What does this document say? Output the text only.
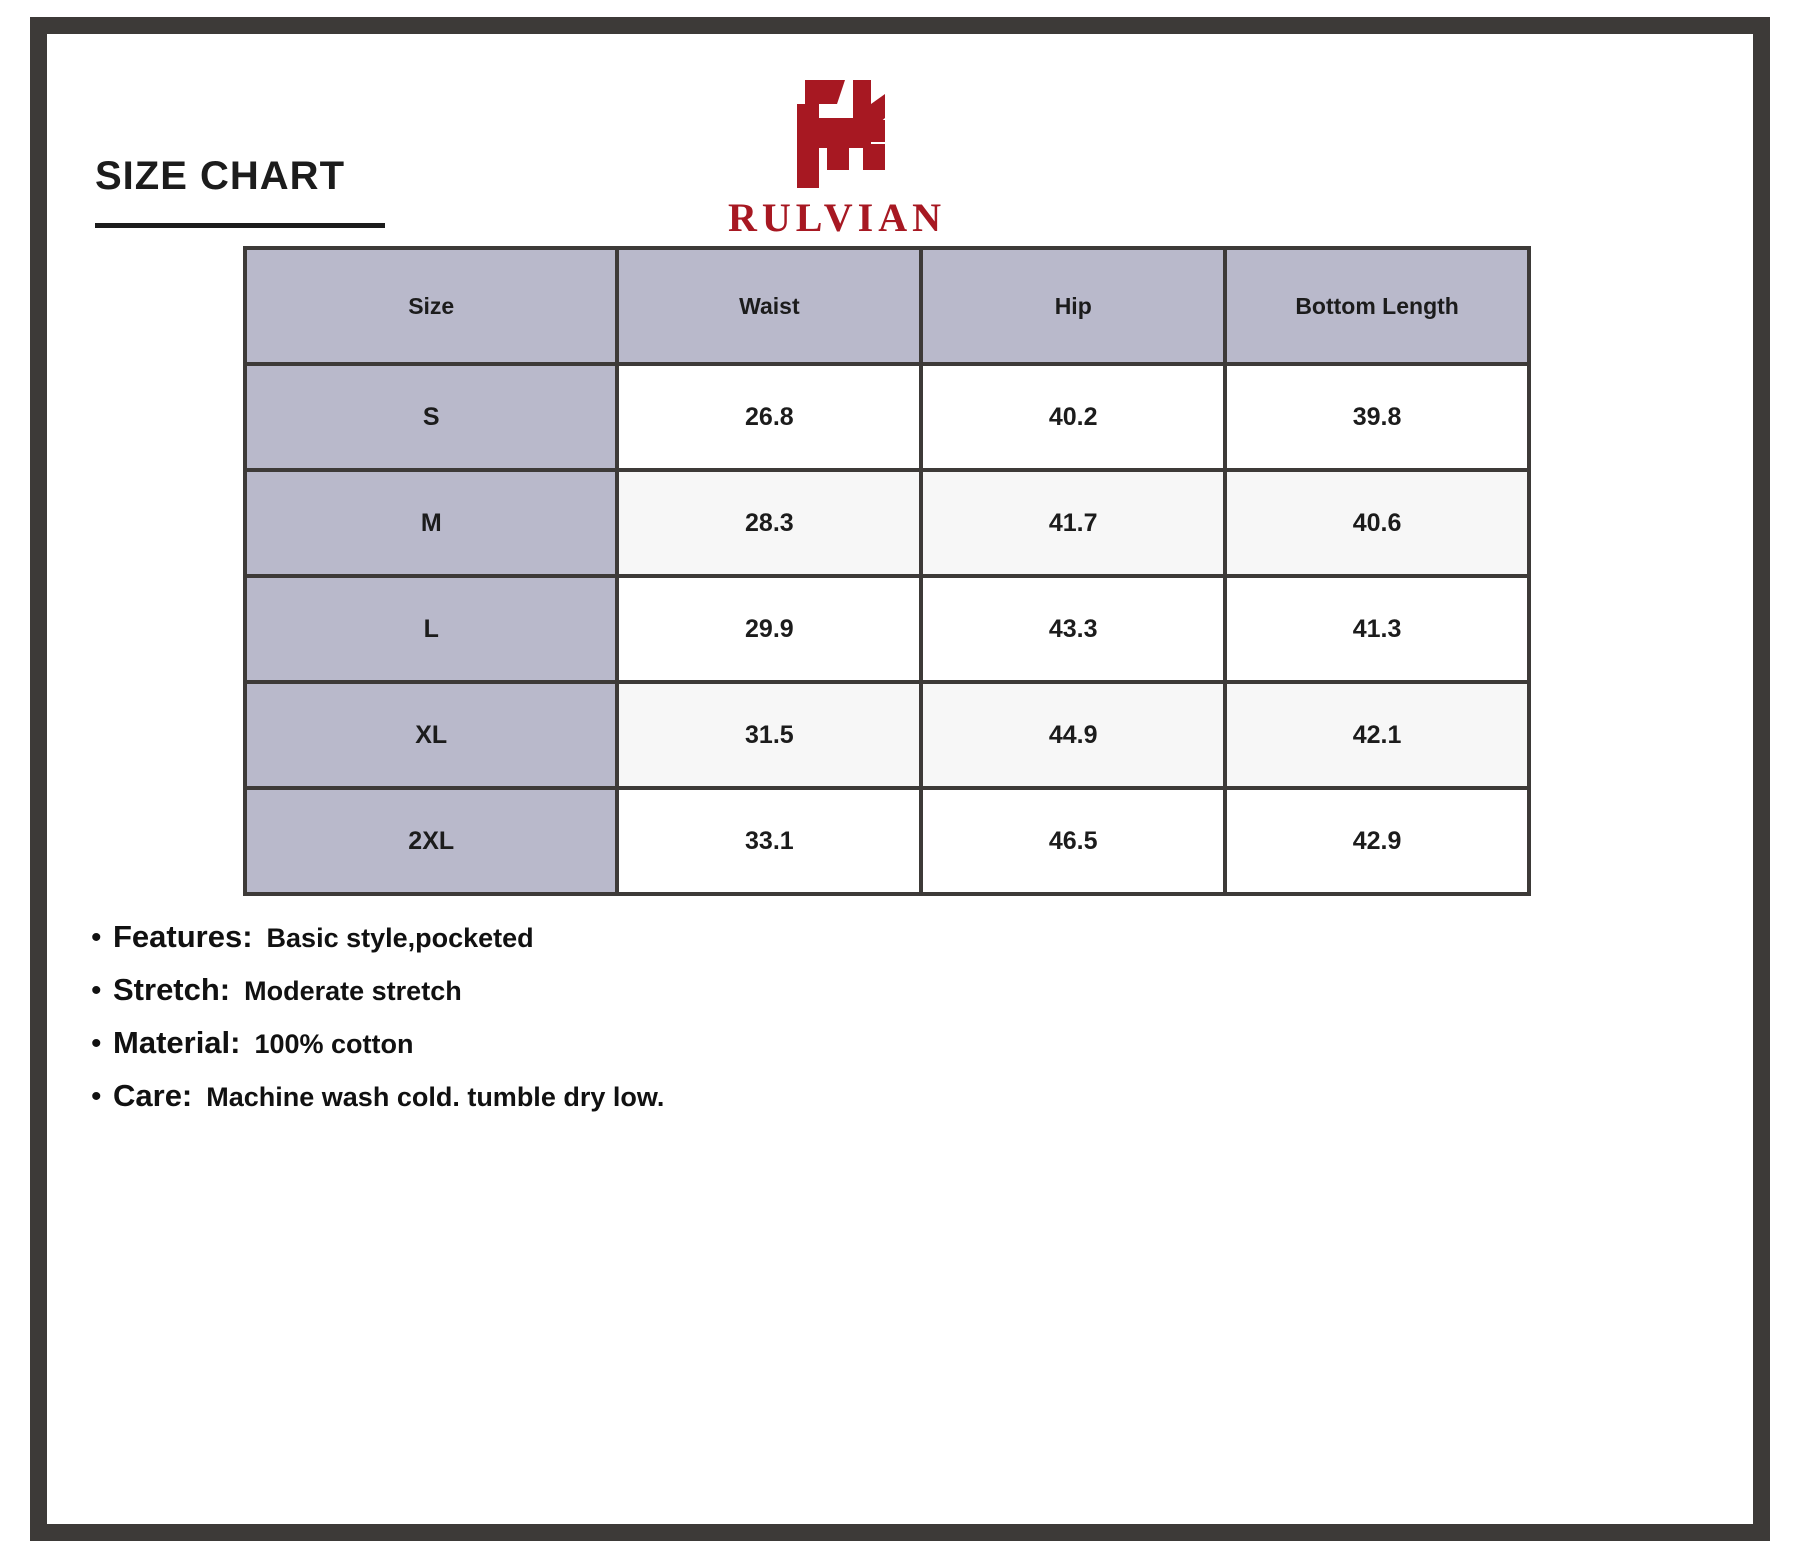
SIZE CHART
RULVIAN
Size	Waist	Hip	Bottom Length
S	26.8	40.2	39.8
M	28.3	41.7	40.6
L	29.9	43.3	41.3
XL	31.5	44.9	42.1
2XL	33.1	46.5	42.9
• Features: Basic style,pocketed
• Stretch: Moderate stretch
• Material: 100% cotton
• Care: Machine wash cold. tumble dry low.
